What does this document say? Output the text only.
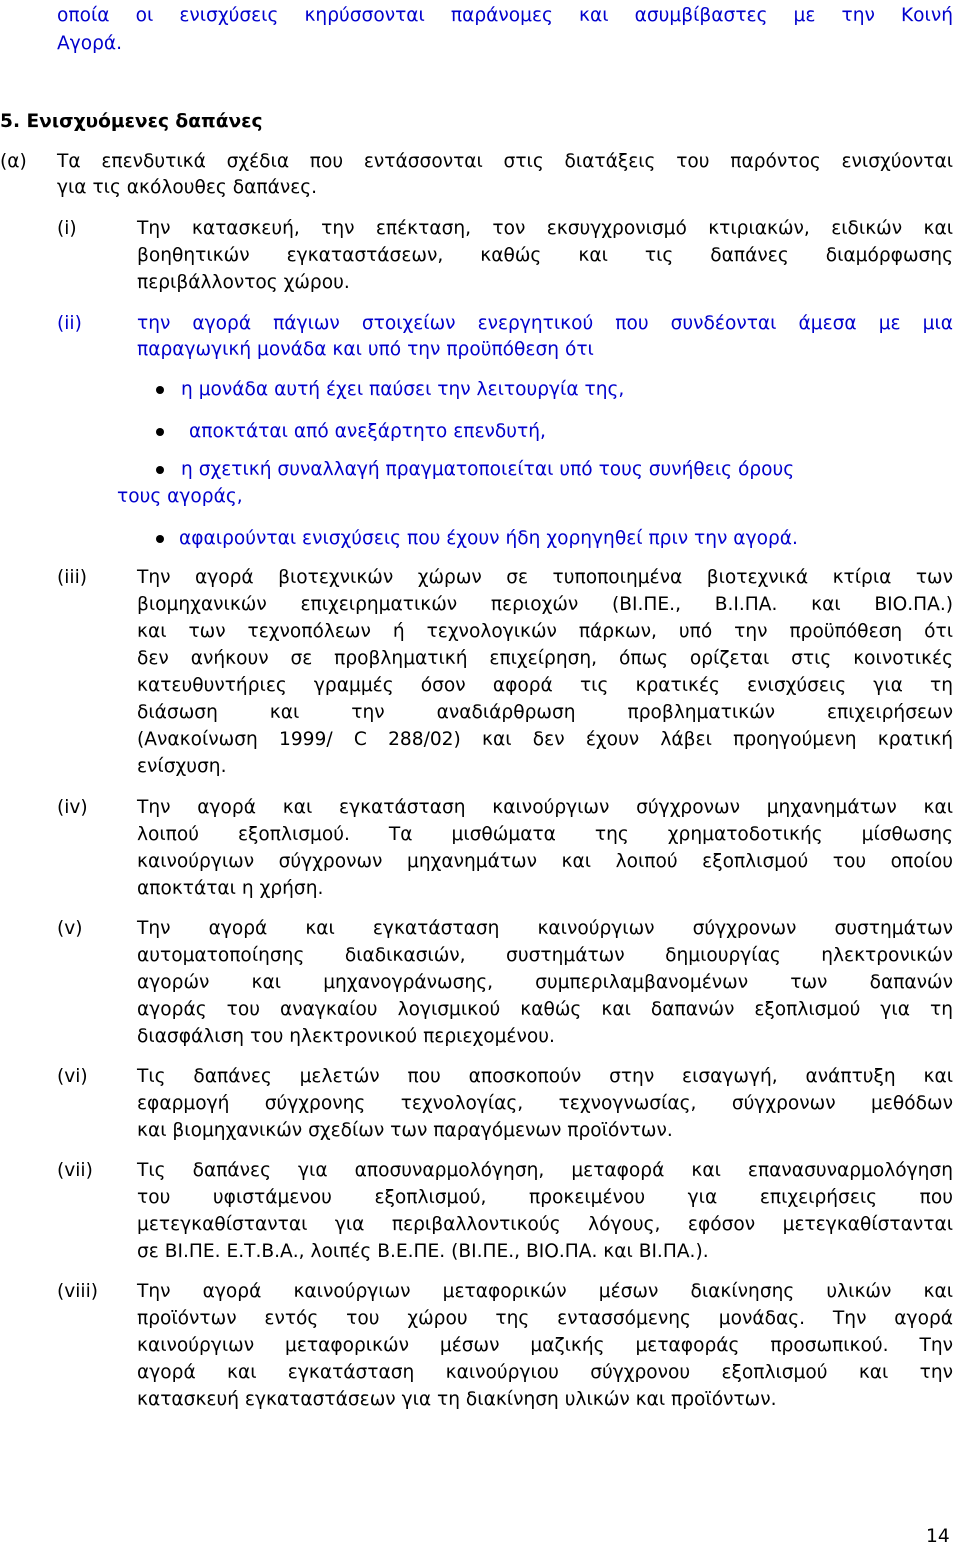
οποία οι ενισχύσεις κηρύσσονται παράνομες και ασυμβίβαστες με την Κοινή
Αγορά.
5. Ενισχυόμενες δαπάνες
(α) Τα επενδυτικά σχέδια που εντάσσονται στις διατάξεις του παρόντος ενισχύονται
για τις ακόλουθες δαπάνες.
(i)	Την κατασκευή, την επέκταση, τον εκσυγχρονισμό κτιριακών, ειδικών και
βοηθητικών εγκαταστάσεων, καθώς και τις δαπάνες διαμόρφωσης
περιβάλλοντος χώρου.
(ii)	την αγορά πάγιων στοιχείων ενεργητικού που συνδέονται άμεσα με μια
παραγωγική μονάδα και υπό την προϋπόθεση ότι
η μονάδα αυτή έχει παύσει την λειτουργία της,
αποκτάται από ανεξάρτητο επενδυτή,
η σχετική συναλλαγή πραγματοποιείται υπό τους συνήθεις όρους
τους αγοράς,
αφαιρούνται ενισχύσεις που έχουν ήδη χορηγηθεί πριν την αγορά.
(iii)	Την αγορά βιοτεχνικών χώρων σε τυποποιημένα βιοτεχνικά κτίρια των
βιομηχανικών επιχειρηματικών περιοχών (ΒΙ.ΠΕ., Β.Ι.ΠΑ. και ΒΙΟ.ΠΑ.)
και των τεχνοπόλεων ή τεχνολογικών πάρκων, υπό την προϋπόθεση ότι
δεν ανήκουν σε προβληματική επιχείρηση, όπως ορίζεται στις κοινοτικές
κατευθυντήριες γραμμές όσον αφορά τις κρατικές ενισχύσεις για τη
διάσωση και την αναδιάρθρωση προβληματικών επιχειρήσεων
(Ανακοίνωση 1999/ C 288/02) και δεν έχουν λάβει προηγούμενη κρατική
ενίσχυση.
(iv)	Την αγορά και εγκατάσταση καινούργιων σύγχρονων μηχανημάτων και
λοιπού εξοπλισμού. Τα μισθώματα της χρηματοδοτικής μίσθωσης
καινούργιων σύγχρονων μηχανημάτων και λοιπού εξοπλισμού του οποίου
αποκτάται η χρήση.
(v)	Την αγορά και εγκατάσταση καινούργιων σύγχρονων συστημάτων
αυτοματοποίησης διαδικασιών, συστημάτων δημιουργίας ηλεκτρονικών
αγορών και μηχανογράνωσης, συμπεριλαμβανομένων των δαπανών
αγοράς του αναγκαίου λογισμικού καθώς και δαπανών εξοπλισμού για τη
διασφάλιση του ηλεκτρονικού περιεχομένου.
(vi)	Τις δαπάνες μελετών που αποσκοπούν στην εισαγωγή, ανάπτυξη και
εφαρμογή σύγχρονης τεχνολογίας, τεχνογνωσίας, σύγχρονων μεθόδων
και βιομηχανικών σχεδίων των παραγόμενων προϊόντων.
(vii) Τις δαπάνες για αποσυναρμολόγηση, μεταφορά και επανασυναρμολόγηση
του υφιστάμενου εξοπλισμού, προκειμένου για επιχειρήσεις που
μετεγκαθίστανται για περιβαλλοντικούς λόγους, εφόσον μετεγκαθίστανται
σε ΒΙ.ΠΕ. Ε.Τ.Β.Α., λοιπές Β.Ε.ΠΕ. (ΒΙ.ΠΕ., ΒΙΟ.ΠΑ. και ΒΙ.ΠΑ.).
(viii) Την αγορά καινούργιων μεταφορικών μέσων διακίνησης υλικών και
προϊόντων εντός του χώρου της εντασσόμενης μονάδας. Την αγορά
καινούργιων μεταφορικών μέσων μαζικής μεταφοράς προσωπικού. Την
αγορά και εγκατάσταση καινούργιου σύγχρονου εξοπλισμού και την
κατασκευή εγκαταστάσεων για τη διακίνηση υλικών και προϊόντων.
14
